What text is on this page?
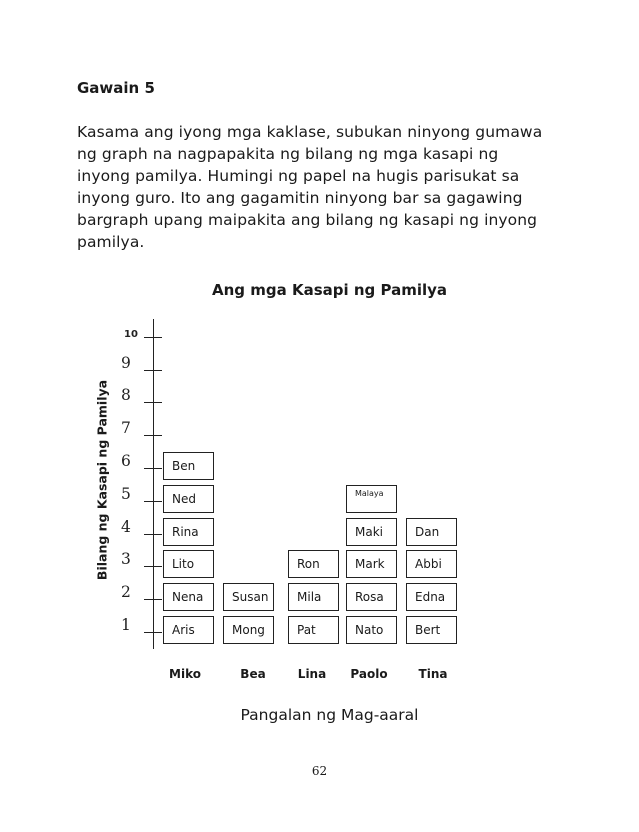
Gawain 5

Kasama ang iyong mga kaklase, subukan ninyong gumawa ng graph na nagpapakita ng bilang ng mga kasapi ng inyong pamilya. Humingi ng papel na hugis parisukat sa inyong guro. Ito ang gagamitin ninyong bar sa gagawing bargraph upang maipakita ang bilang ng kasapi ng inyong pamilya.

Ang mga Kasapi ng Pamilya
Bilang ng Kasapi ng Pamilya
1
2
3
4
5
6
7
8
9
10
Aris
Nena
Lito
Rina
Ned
Ben
Mong
Susan
Pat
Mila
Ron
Nato
Rosa
Mark
Maki
Malaya
Bert
Edna
Abbi
Dan
Miko	Bea	Lina	Paolo	Tina
Pangalan ng Mag-aaral
62
